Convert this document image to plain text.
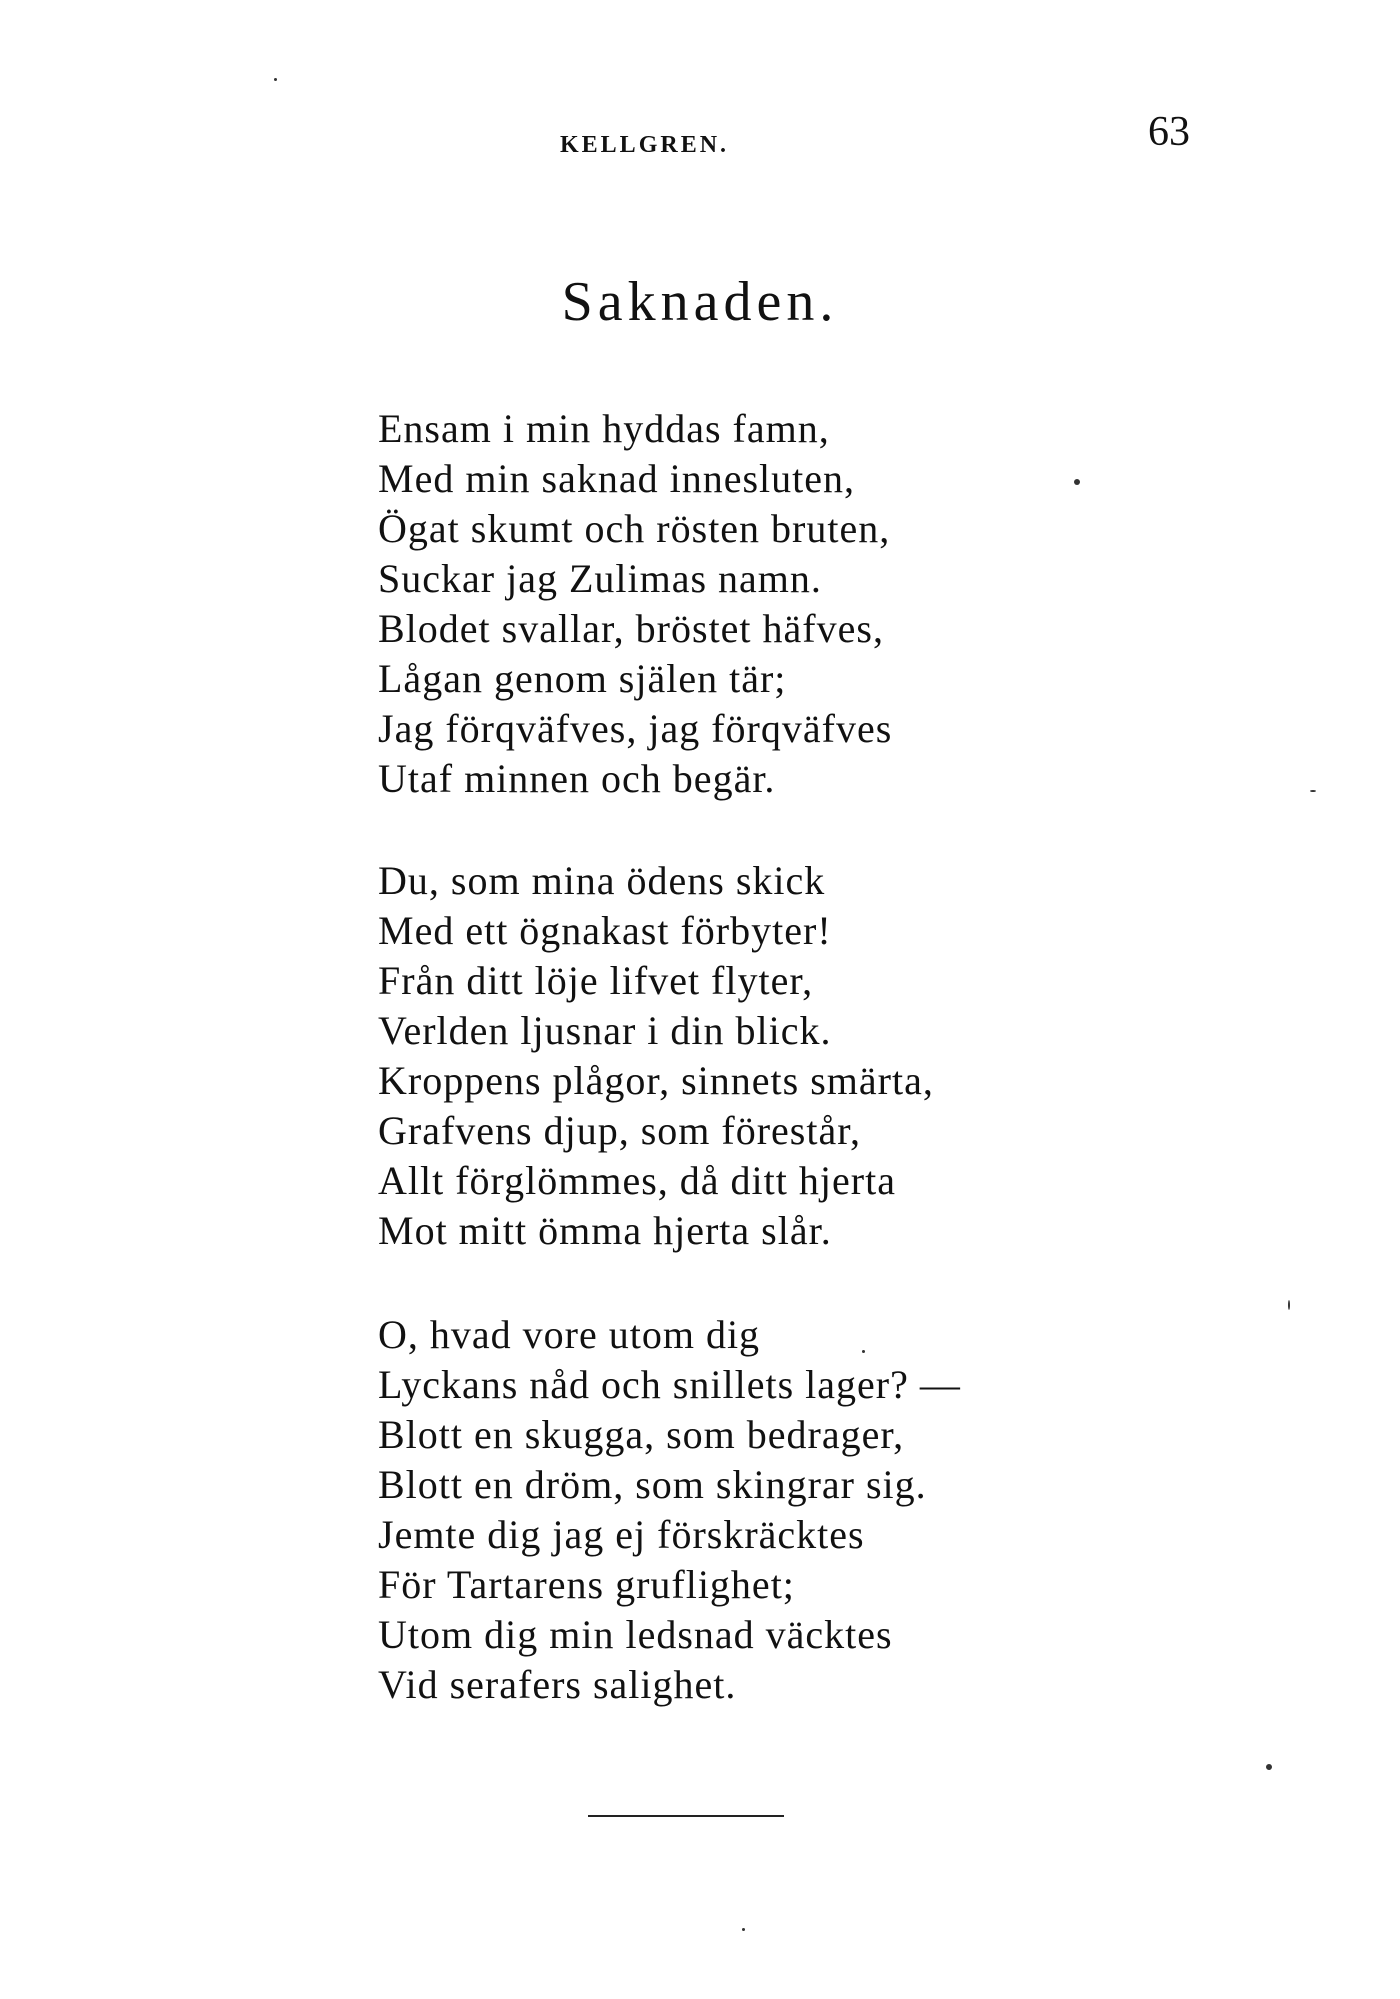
KELLGREN.	63
Saknaden.
Ensam i min hyddas famn,
Med min saknad innesluten,
Ögat skumt och rösten bruten,
Suckar jag Zulimas namn.
Blodet svallar, bröstet häfves,
Lågan genom själen tär;
Jag förqväfves, jag förqväfves
Utaf minnen och begär.
Du, som mina ödens skick
Med ett ögnakast förbyter!
Från ditt löje lifvet flyter,
Verlden ljusnar i din blick.
Kroppens plågor, sinnets smärta,
Grafvens djup, som förestår,
Allt förglömmes, då ditt hjerta
Mot mitt ömma hjerta slår.
O, hvad vore utom dig
Lyckans nåd och snillets lager? —
Blott en skugga, som bedrager,
Blott en dröm, som skingrar sig.
Jemte dig jag ej förskräcktes
För Tartarens gruflighet;
Utom dig min ledsnad väcktes
Vid serafers salighet.
